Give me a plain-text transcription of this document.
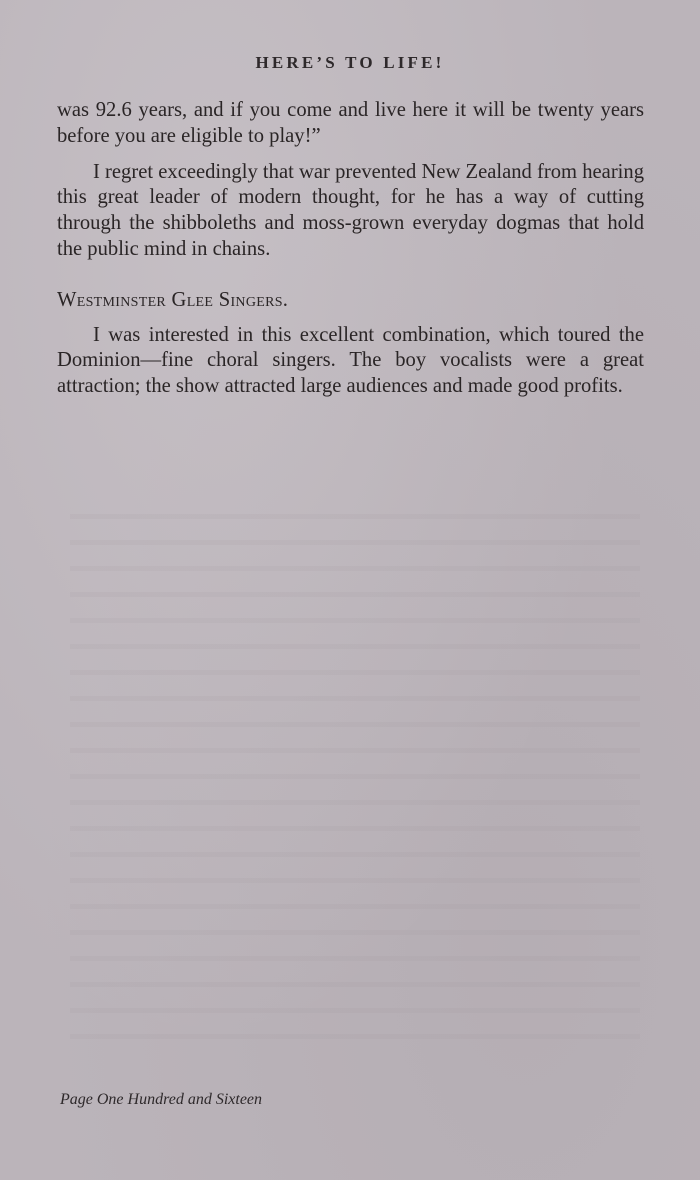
HERE’S TO LIFE!

was 92.6 years, and if you come and live here it will be twenty years before you are eligible to play!”

I regret exceedingly that war prevented New Zealand from hearing this great leader of modern thought, for he has a way of cutting through the shibboleths and moss-grown everyday dogmas that hold the public mind in chains.

Westminster Glee Singers.

I was interested in this excellent combination, which toured the Dominion—fine choral singers. The boy vocalists were a great attraction; the show attracted large audiences and made good profits.

Page One Hundred and Sixteen
